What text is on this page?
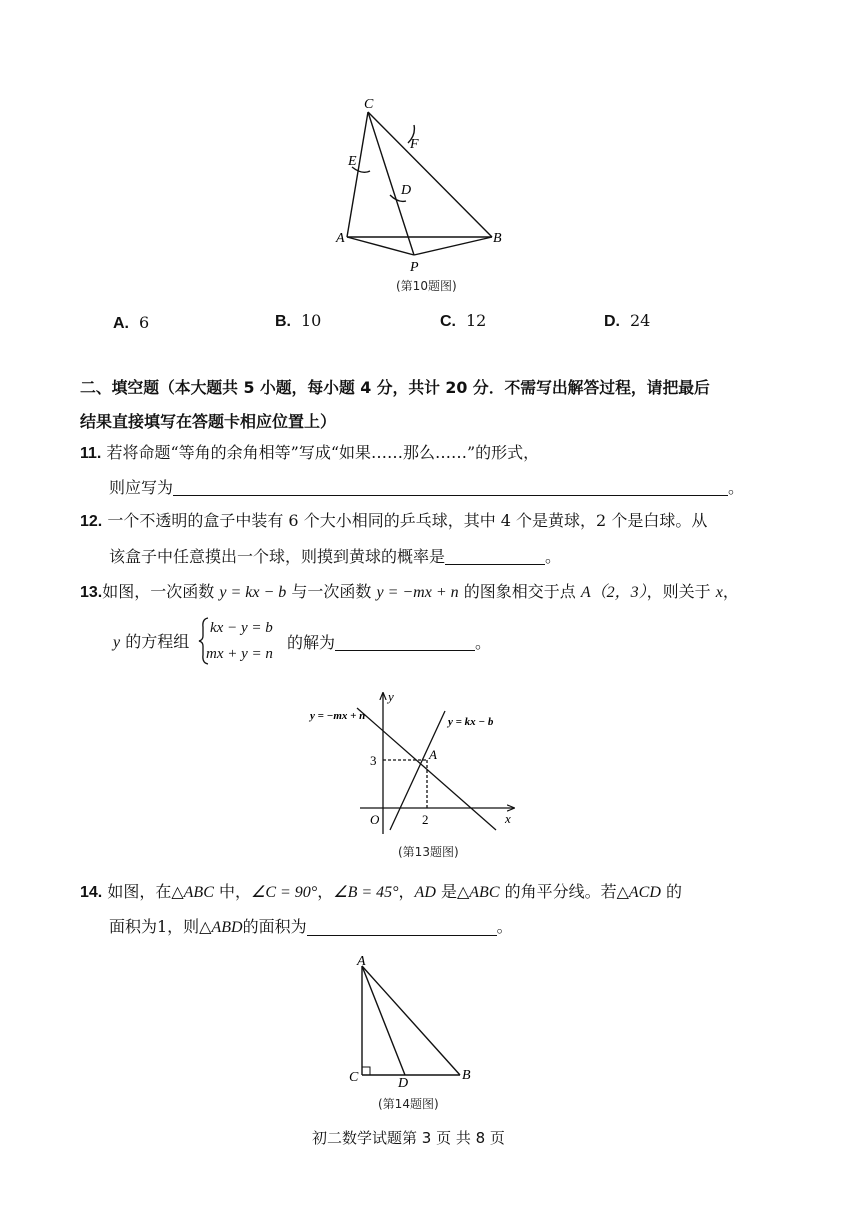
C
E
F
D
A	B
P
(第10题图)
A. 6	B. 10	C. 12	D. 24
二、填空题（本大题共 5 小题，每小题 4 分，共计 20 分．不需写出解答过程，请把最后
结果直接填写在答题卡相应位置上）
11. 若将命题“等角的余角相等”写成“如果……那么……”的形式，
则应写为	。
12. 一个不透明的盒子中装有 6 个大小相同的乒乓球，其中 4 个是黄球，2 个是白球。从
该盒子中任意摸出一个球，则摸到黄球的概率是	。
13.如图，一次函数 y = kx − b 与一次函数 y = −mx + n 的图象相交于点 A（2，3），则关于 x，
y 的方程组
kx − y = b
mx + y = n
的解为	。
y
x
O	2
3	A
y = −mx + n	y = kx − b
(第13题图)
14. 如图，在△ABC 中，∠C = 90°，∠B = 45°，AD 是△ABC 的角平分线。若△ACD 的
面积为1，则△ABD的面积为	。
A
B
C	D
(第14题图)
初二数学试题第 3 页 共 8 页
